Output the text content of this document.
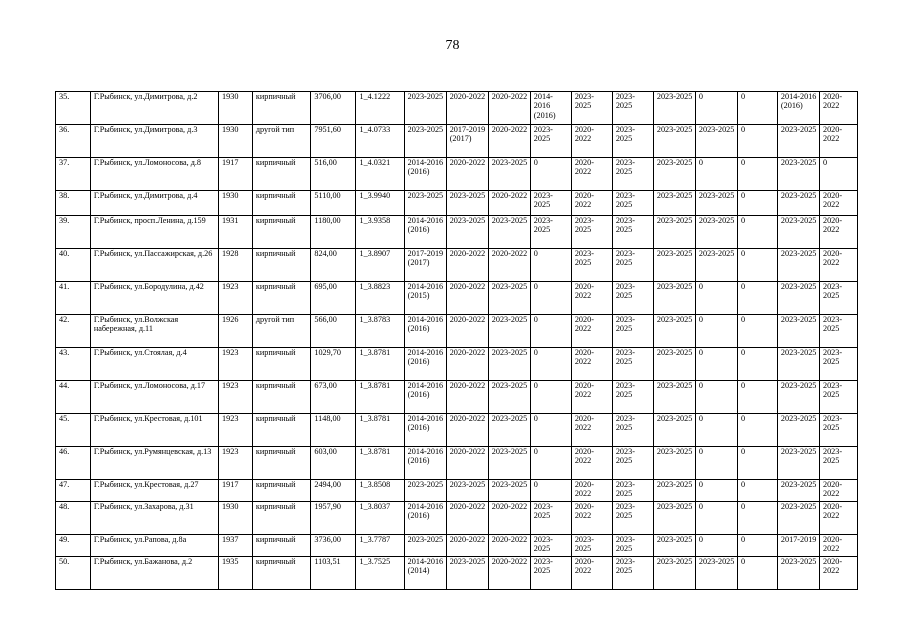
78
35.	Г.Рыбинск, ул.Димитрова, д.2	1930	кирпичный	3706,00	1_4.1222	2023-2025	2020-2022	2020-2022	2014-2016 (2016)	2023-2025	2023-2025	2023-2025	0	0	2014-2016 (2016)	2020-2022
36.	Г.Рыбинск, ул.Димитрова, д.3	1930	другой тип	7951,60	1_4.0733	2023-2025	2017-2019 (2017)	2020-2022	2023-2025	2020-2022	2023-2025	2023-2025	2023-2025	0	2023-2025	2020-2022
37.	Г.Рыбинск, ул.Ломоносова, д.8	1917	кирпичный	516,00	1_4.0321	2014-2016 (2016)	2020-2022	2023-2025	0	2020-2022	2023-2025	2023-2025	0	0	2023-2025	0
38.	Г.Рыбинск, ул.Димитрова, д.4	1930	кирпичный	5110,00	1_3.9940	2023-2025	2023-2025	2020-2022	2023-2025	2020-2022	2023-2025	2023-2025	2023-2025	0	2023-2025	2020-2022
39.	Г.Рыбинск, просп.Ленина, д.159	1931	кирпичный	1180,00	1_3.9358	2014-2016 (2016)	2023-2025	2023-2025	2023-2025	2023-2025	2023-2025	2023-2025	2023-2025	0	2023-2025	2020-2022
40.	Г.Рыбинск, ул.Пассажирская, д.26	1928	кирпичный	824,00	1_3.8907	2017-2019 (2017)	2020-2022	2020-2022	0	2023-2025	2023-2025	2023-2025	2023-2025	0	2023-2025	2020-2022
41.	Г.Рыбинск, ул.Бородулина, д.42	1923	кирпичный	695,00	1_3.8823	2014-2016 (2015)	2020-2022	2023-2025	0	2020-2022	2023-2025	2023-2025	0	0	2023-2025	2023-2025
42.	Г.Рыбинск, ул.Волжская набережная, д.11	1926	другой тип	566,00	1_3.8783	2014-2016 (2016)	2020-2022	2023-2025	0	2020-2022	2023-2025	2023-2025	0	0	2023-2025	2023-2025
43.	Г.Рыбинск, ул.Стоялая, д.4	1923	кирпичный	1029,70	1_3.8781	2014-2016 (2016)	2020-2022	2023-2025	0	2020-2022	2023-2025	2023-2025	0	0	2023-2025	2023-2025
44.	Г.Рыбинск, ул.Ломоносова, д.17	1923	кирпичный	673,00	1_3.8781	2014-2016 (2016)	2020-2022	2023-2025	0	2020-2022	2023-2025	2023-2025	0	0	2023-2025	2023-2025
45.	Г.Рыбинск, ул.Крестовая, д.101	1923	кирпичный	1148,00	1_3.8781	2014-2016 (2016)	2020-2022	2023-2025	0	2020-2022	2023-2025	2023-2025	0	0	2023-2025	2023-2025
46.	Г.Рыбинск, ул.Румянцевская, д.13	1923	кирпичный	603,00	1_3.8781	2014-2016 (2016)	2020-2022	2023-2025	0	2020-2022	2023-2025	2023-2025	0	0	2023-2025	2023-2025
47.	Г.Рыбинск, ул.Крестовая, д.27	1917	кирпичный	2494,00	1_3.8508	2023-2025	2023-2025	2023-2025	0	2020-2022	2023-2025	2023-2025	0	0	2023-2025	2020-2022
48.	Г.Рыбинск, ул.Захарова, д.31	1930	кирпичный	1957,90	1_3.8037	2014-2016 (2016)	2020-2022	2020-2022	2023-2025	2020-2022	2023-2025	2023-2025	0	0	2023-2025	2020-2022
49.	Г.Рыбинск, ул.Рапова, д.8а	1937	кирпичный	3736,00	1_3.7787	2023-2025	2020-2022	2020-2022	2023-2025	2023-2025	2023-2025	2023-2025	0	0	2017-2019	2020-2022
50.	Г.Рыбинск, ул.Бажанова, д.2	1935	кирпичный	1103,51	1_3.7525	2014-2016 (2014)	2023-2025	2020-2022	2023-2025	2020-2022	2023-2025	2023-2025	2023-2025	0	2023-2025	2020-2022
